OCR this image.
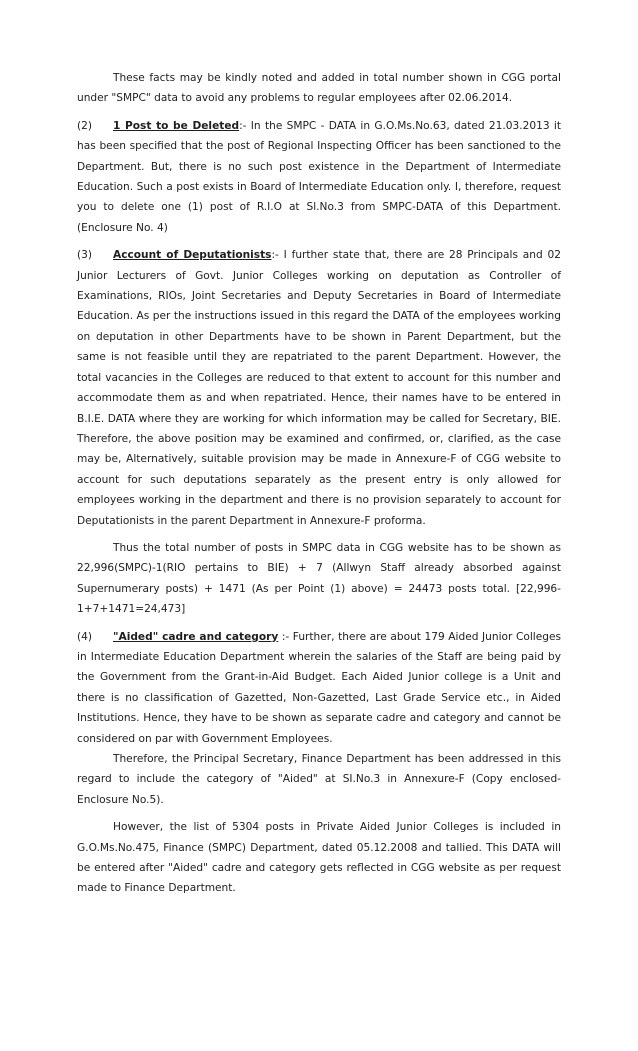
These facts may be kindly noted and added in total number shown in CGG portal under "SMPC" data to avoid any problems to regular employees after 02.06.2014.

(2) 1 Post to be Deleted:- In the SMPC - DATA in G.O.Ms.No.63, dated 21.03.2013 it has been specified that the post of Regional Inspecting Officer has been sanctioned to the Department. But, there is no such post existence in the Department of Intermediate Education. Such a post exists in Board of Intermediate Education only. I, therefore, request you to delete one (1) post of R.I.O at Sl.No.3 from SMPC-DATA of this Department.(Enclosure No. 4)

(3) Account of Deputationists:- I further state that, there are 28 Principals and 02 Junior Lecturers of Govt. Junior Colleges working on deputation as Controller of Examinations, RIOs, Joint Secretaries and Deputy Secretaries in Board of Intermediate Education. As per the instructions issued in this regard the DATA of the employees working on deputation in other Departments have to be shown in Parent Department, but the same is not feasible until they are repatriated to the parent Department. However, the total vacancies in the Colleges are reduced to that extent to account for this number and accommodate them as and when repatriated. Hence, their names have to be entered in B.I.E. DATA where they are working for which information may be called for Secretary, BIE. Therefore, the above position may be examined and confirmed, or, clarified, as the case may be, Alternatively, suitable provision may be made in Annexure-F of CGG website to account for such deputations separately as the present entry is only allowed for employees working in the department and there is no provision separately to account for Deputationists in the parent Department in Annexure-F proforma.

Thus the total number of posts in SMPC data in CGG website has to be shown as 22,996(SMPC)-1(RIO pertains to BIE) + 7 (Allwyn Staff already absorbed against Supernumerary posts) + 1471 (As per Point (1) above) = 24473 posts total. [22,996-1+7+1471=24,473]

(4) "Aided" cadre and category :- Further, there are about 179 Aided Junior Colleges in Intermediate Education Department wherein the salaries of the Staff are being paid by the Government from the Grant-in-Aid Budget. Each Aided Junior college is a Unit and there is no classification of Gazetted, Non-Gazetted, Last Grade Service etc., in Aided Institutions. Hence, they have to be shown as separate cadre and category and cannot be considered on par with Government Employees.

Therefore, the Principal Secretary, Finance Department has been addressed in this regard to include the category of "Aided" at SI.No.3 in Annexure-F (Copy enclosed-Enclosure No.5).

However, the list of 5304 posts in Private Aided Junior Colleges is included in G.O.Ms.No.475, Finance (SMPC) Department, dated 05.12.2008 and tallied. This DATA will be entered after "Aided" cadre and category gets reflected in CGG website as per request made to Finance Department.
